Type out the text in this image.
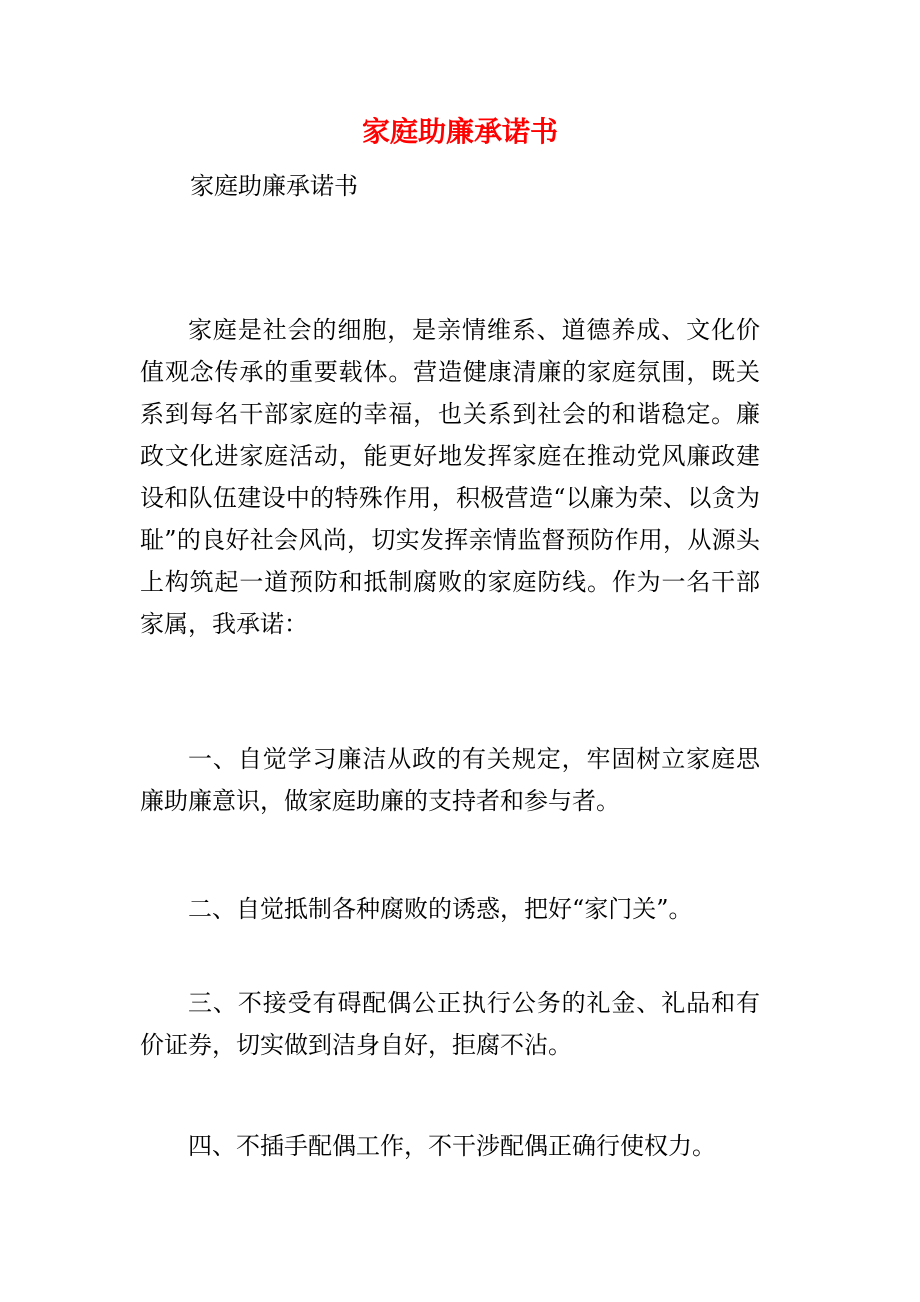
家庭助廉承诺书
家庭助廉承诺书

家庭是社会的细胞，是亲情维系、道德养成、文化价值观念传承的重要载体。营造健康清廉的家庭氛围，既关系到每名干部家庭的幸福，也关系到社会的和谐稳定。廉政文化进家庭活动，能更好地发挥家庭在推动党风廉政建设和队伍建设中的特殊作用，积极营造“以廉为荣、以贪为耻”的良好社会风尚，切实发挥亲情监督预防作用，从源头上构筑起一道预防和抵制腐败的家庭防线。作为一名干部家属，我承诺：

一、自觉学习廉洁从政的有关规定，牢固树立家庭思廉助廉意识，做家庭助廉的支持者和参与者。

二、自觉抵制各种腐败的诱惑，把好“家门关”。

三、不接受有碍配偶公正执行公务的礼金、礼品和有价证券，切实做到洁身自好，拒腐不沾。

四、不插手配偶工作，不干涉配偶正确行使权力。
